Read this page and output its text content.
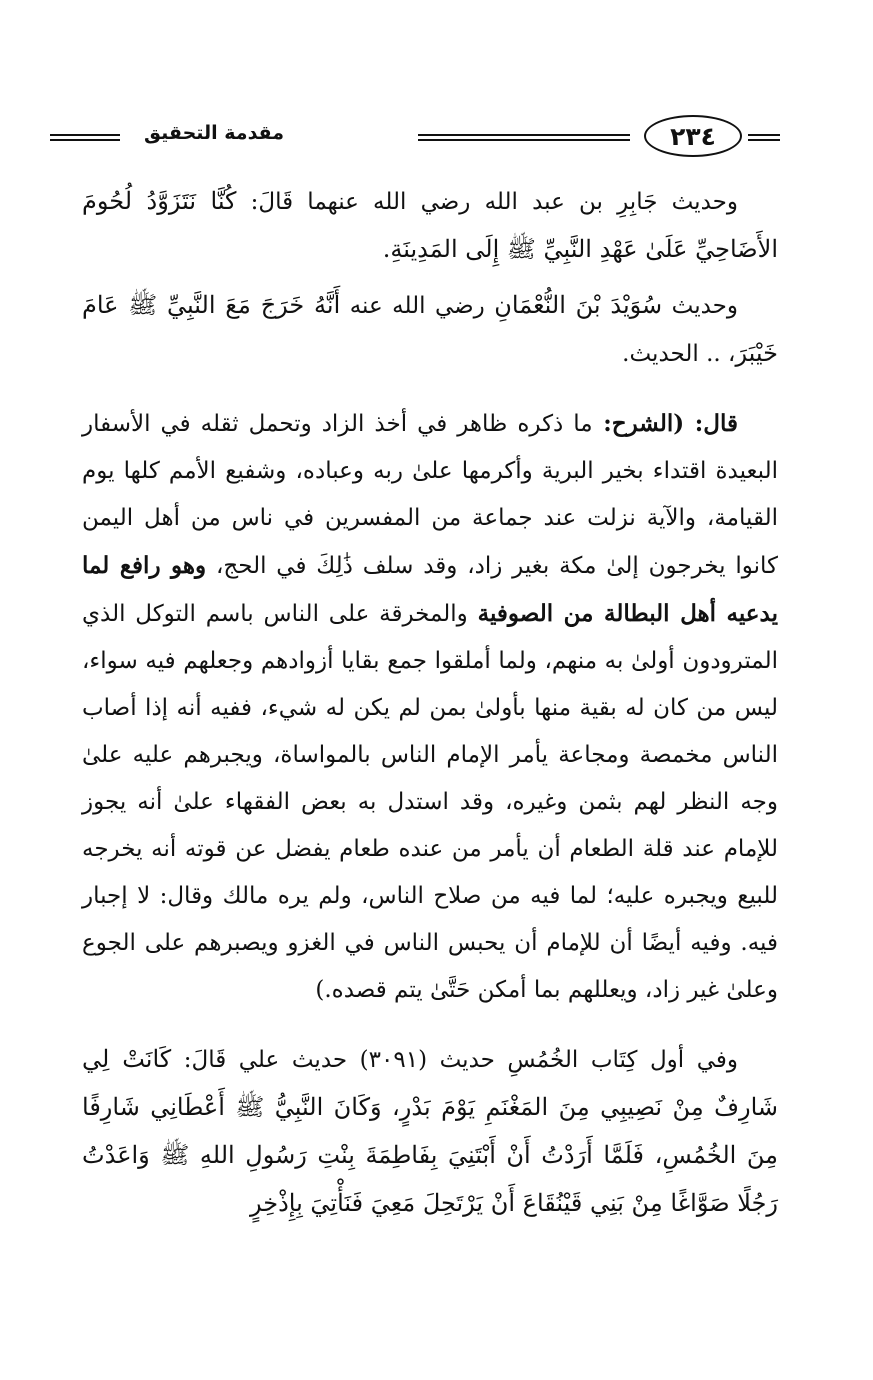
٢٣٤
مقدمة التحقيق

وحديث جَابِرِ بن عبد الله رضي الله عنهما قَالَ: كُنَّا نَتَزَوَّدُ لُحُومَ الأَضَاحِيِّ عَلَىٰ عَهْدِ النَّبِيِّ ﷺ إِلَى المَدِينَةِ.

وحديث سُوَيْدَ بْنَ النُّعْمَانِ رضي الله عنه أَنَّهُ خَرَجَ مَعَ النَّبِيِّ ﷺ عَامَ خَيْبَرَ، .. الحديث.

قال: (الشرح: ما ذكره ظاهر في أخذ الزاد وتحمل ثقله في الأسفار البعيدة اقتداء بخير البرية وأكرمها علىٰ ربه وعباده، وشفيع الأمم كلها يوم القيامة، والآية نزلت عند جماعة من المفسرين في ناس من أهل اليمن كانوا يخرجون إلىٰ مكة بغير زاد، وقد سلف ذَٰلِكَ في الحج، وهو رافع لما يدعيه أهل البطالة من الصوفية والمخرقة على الناس باسم التوكل الذي المترودون أولىٰ به منهم، ولما أملقوا جمع بقايا أزوادهم وجعلهم فيه سواء، ليس من كان له بقية منها بأولىٰ بمن لم يكن له شيء، ففيه أنه إذا أصاب الناس مخمصة ومجاعة يأمر الإمام الناس بالمواساة، ويجبرهم عليه علىٰ وجه النظر لهم بثمن وغيره، وقد استدل به بعض الفقهاء علىٰ أنه يجوز للإمام عند قلة الطعام أن يأمر من عنده طعام يفضل عن قوته أنه يخرجه للبيع ويجبره عليه؛ لما فيه من صلاح الناس، ولم يره مالك وقال: لا إجبار فيه. وفيه أيضًا أن للإمام أن يحبس الناس في الغزو ويصبرهم على الجوع وعلىٰ غير زاد، ويعللهم بما أمكن حَتَّىٰ يتم قصده.)

وفي أول كِتَاب الخُمُسِ حديث (٣٠٩١) حديث علي قَالَ: كَانَتْ لِي شَارِفٌ مِنْ نَصِيبِي مِنَ المَغْنَمِ يَوْمَ بَدْرٍ، وَكَانَ النَّبِيُّ ﷺ أَعْطَانِي شَارِفًا مِنَ الخُمُسِ، فَلَمَّا أَرَدْتُ أَنْ أَبْتَنِيَ بِفَاطِمَةَ بِنْتِ رَسُولِ اللهِ ﷺ وَاعَدْتُ رَجُلًا صَوَّاغًا مِنْ بَنِي قَيْنُقَاعَ أَنْ يَرْتَحِلَ مَعِيَ فَنَأْتِيَ بِإِذْخِرٍ
